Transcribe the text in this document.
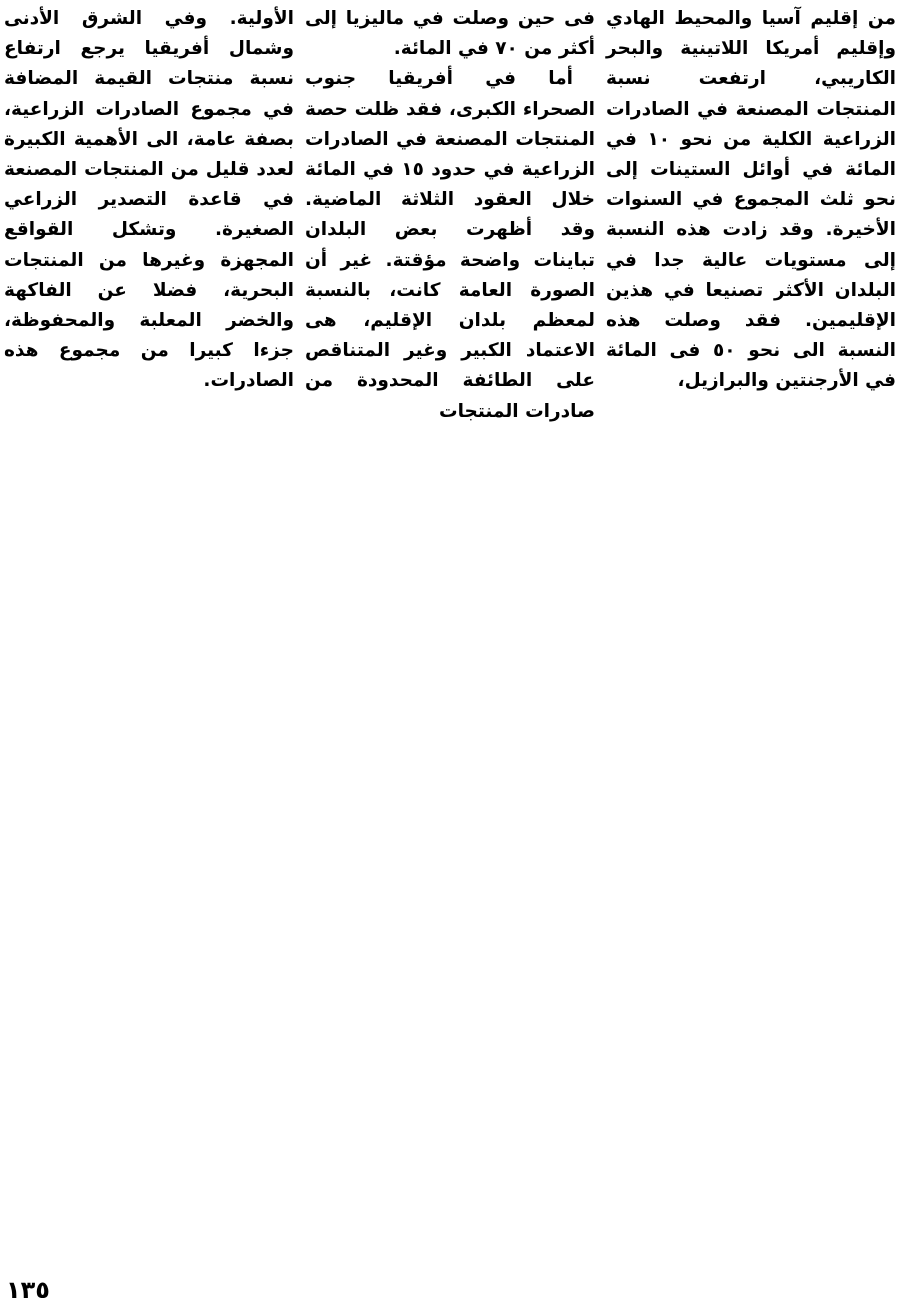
من إقليم آسيا والمحيط الهادي وإقليم أمريكا اللاتينية والبحر الكاريبي، ارتفعت نسبة المنتجات المصنعة في الصادرات الزراعية الكلية من نحو ١٠ في المائة في أوائل الستينات إلى نحو ثلث المجموع في السنوات الأخيرة. وقد زادت هذه النسبة إلى مستويات عالية جدا في البلدان الأكثر تصنيعا في هذين الإقليمين. فقد وصلت هذه النسبة الى نحو ٥٠ فى المائة في الأرجنتين والبرازيل،

فى حين وصلت في ماليزيا إلى أكثر من ٧٠ في المائة.

أما في أفريقيا جنوب الصحراء الكبرى، فقد ظلت حصة المنتجات المصنعة في الصادرات الزراعية في حدود ١٥ في المائة خلال العقود الثلاثة الماضية. وقد أظهرت بعض البلدان تباينات واضحة مؤقتة. غير أن الصورة العامة كانت، بالنسبة لمعظم بلدان الإقليم، هى الاعتماد الكبير وغير المتناقص على الطائفة المحدودة من صادرات المنتجات

الأولية. وفي الشرق الأدنى وشمال أفريقيا يرجع ارتفاع نسبة منتجات القيمة المضافة في مجموع الصادرات الزراعية، بصفة عامة، الى الأهمية الكبيرة لعدد قليل من المنتجات المصنعة في قاعدة التصدير الزراعي الصغيرة. وتشكل القواقع المجهزة وغيرها من المنتجات البحرية، فضلا عن الفاكهة والخضر المعلبة والمحفوظة، جزءا كبيرا من مجموع هذه الصادرات.

١٣٥
